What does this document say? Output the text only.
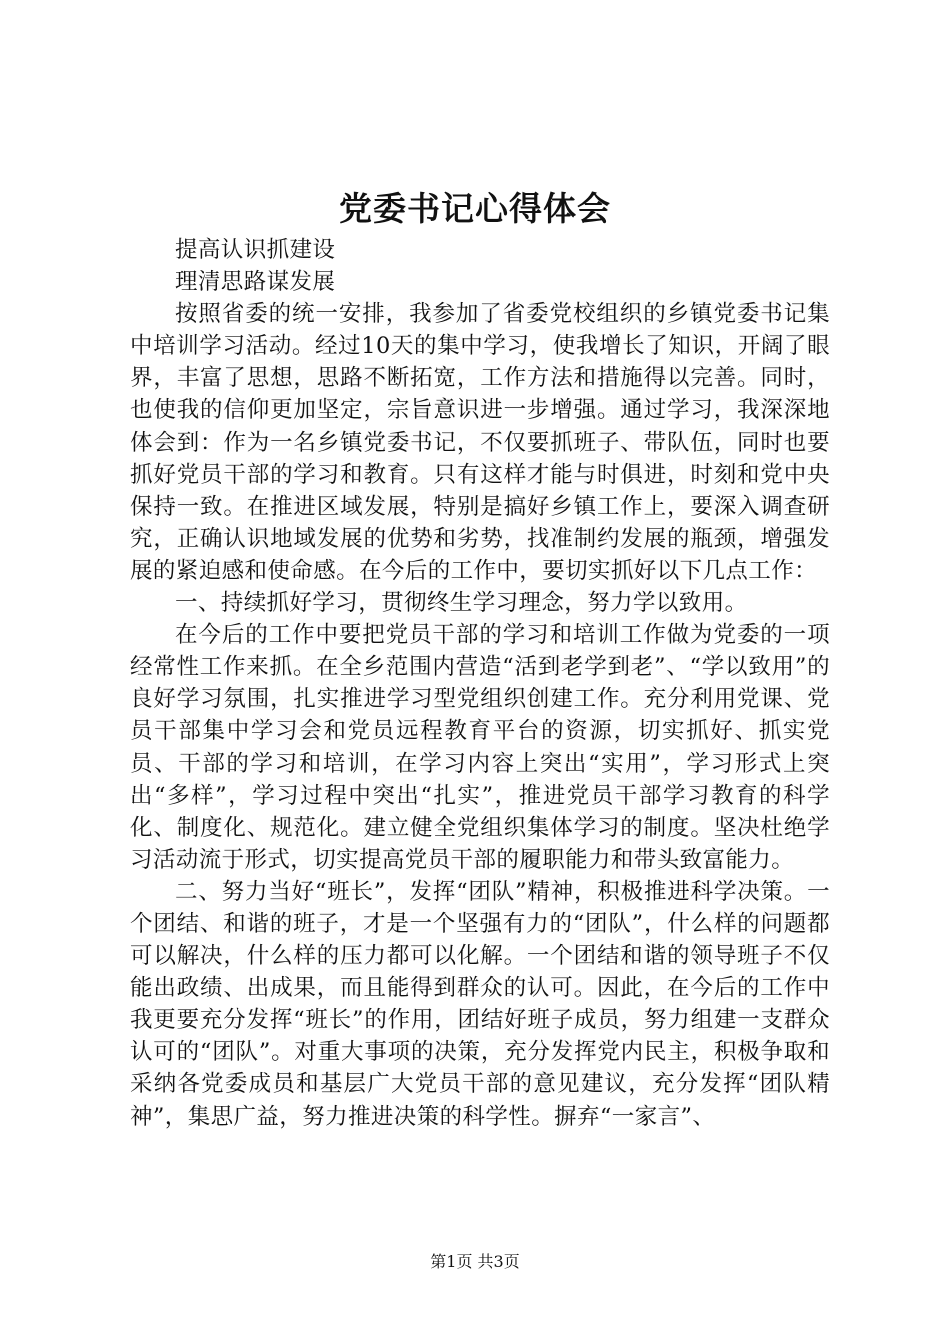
党委书记心得体会

提高认识抓建设

理清思路谋发展

按照省委的统一安排，我参加了省委党校组织的乡镇党委书记集中培训学习活动。经过10天的集中学习，使我增长了知识，开阔了眼界，丰富了思想，思路不断拓宽，工作方法和措施得以完善。同时，也使我的信仰更加坚定，宗旨意识进一步增强。通过学习，我深深地体会到：作为一名乡镇党委书记，不仅要抓班子、带队伍，同时也要抓好党员干部的学习和教育。只有这样才能与时俱进，时刻和党中央保持一致。在推进区域发展，特别是搞好乡镇工作上，要深入调查研究，正确认识地域发展的优势和劣势，找准制约发展的瓶颈，增强发展的紧迫感和使命感。在今后的工作中，要切实抓好以下几点工作：

一、持续抓好学习，贯彻终生学习理念，努力学以致用。

在今后的工作中要把党员干部的学习和培训工作做为党委的一项经常性工作来抓。在全乡范围内营造“活到老学到老”、“学以致用”的良好学习氛围，扎实推进学习型党组织创建工作。充分利用党课、党员干部集中学习会和党员远程教育平台的资源，切实抓好、抓实党员、干部的学习和培训，在学习内容上突出“实用”，学习形式上突出“多样”，学习过程中突出“扎实”，推进党员干部学习教育的科学化、制度化、规范化。建立健全党组织集体学习的制度。坚决杜绝学习活动流于形式，切实提高党员干部的履职能力和带头致富能力。

二、努力当好“班长”，发挥“团队”精神，积极推进科学决策。一个团结、和谐的班子，才是一个坚强有力的“团队”，什么样的问题都可以解决，什么样的压力都可以化解。一个团结和谐的领导班子不仅能出政绩、出成果，而且能得到群众的认可。因此，在今后的工作中我更要充分发挥“班长”的作用，团结好班子成员，努力组建一支群众认可的“团队”。对重大事项的决策，充分发挥党内民主，积极争取和采纳各党委成员和基层广大党员干部的意见建议，充分发挥“团队精神”，集思广益，努力推进决策的科学性。摒弃“一家言”、

第1页 共3页
